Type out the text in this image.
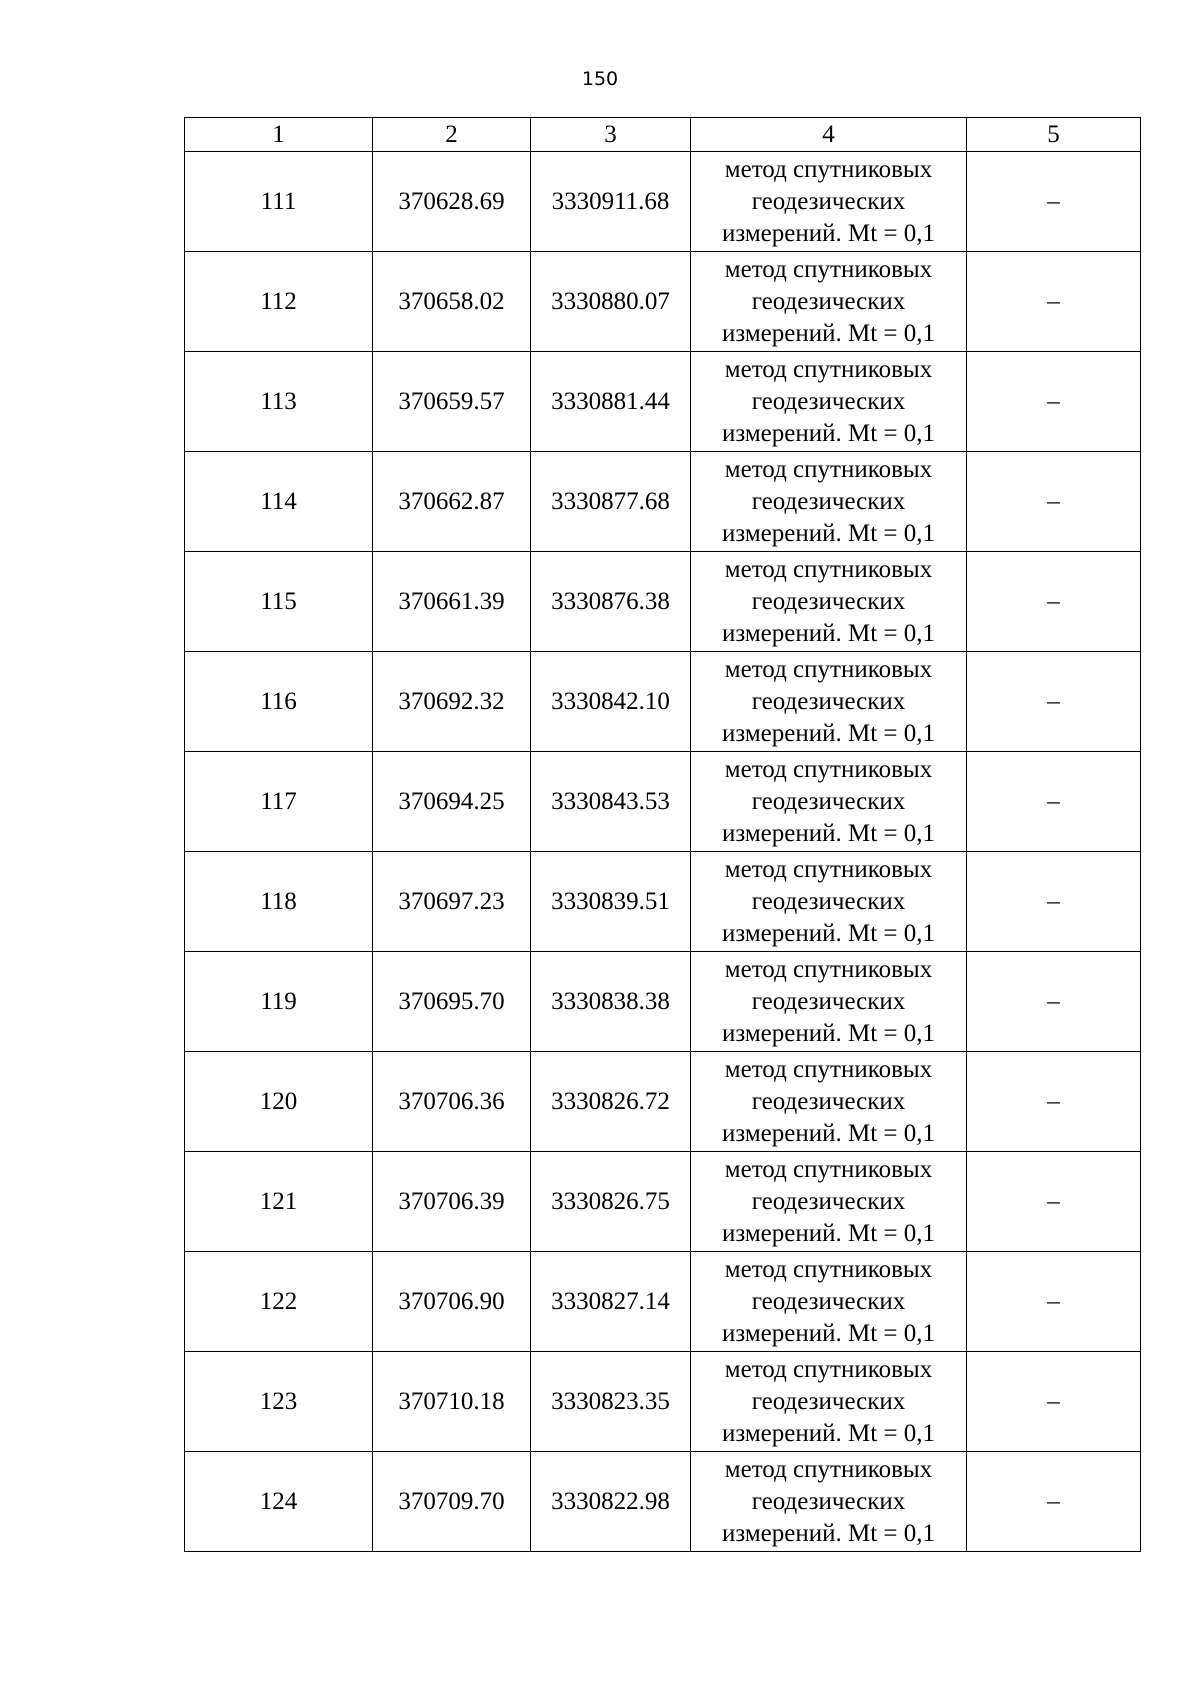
150
1	2	3	4	5
111	370628.69	3330911.68	метод спутниковых
геодезических
измерений. Mt = 0,1	–
112	370658.02	3330880.07	метод спутниковых
геодезических
измерений. Mt = 0,1	–
113	370659.57	3330881.44	метод спутниковых
геодезических
измерений. Mt = 0,1	–
114	370662.87	3330877.68	метод спутниковых
геодезических
измерений. Mt = 0,1	–
115	370661.39	3330876.38	метод спутниковых
геодезических
измерений. Mt = 0,1	–
116	370692.32	3330842.10	метод спутниковых
геодезических
измерений. Mt = 0,1	–
117	370694.25	3330843.53	метод спутниковых
геодезических
измерений. Mt = 0,1	–
118	370697.23	3330839.51	метод спутниковых
геодезических
измерений. Mt = 0,1	–
119	370695.70	3330838.38	метод спутниковых
геодезических
измерений. Mt = 0,1	–
120	370706.36	3330826.72	метод спутниковых
геодезических
измерений. Mt = 0,1	–
121	370706.39	3330826.75	метод спутниковых
геодезических
измерений. Mt = 0,1	–
122	370706.90	3330827.14	метод спутниковых
геодезических
измерений. Mt = 0,1	–
123	370710.18	3330823.35	метод спутниковых
геодезических
измерений. Mt = 0,1	–
124	370709.70	3330822.98	метод спутниковых
геодезических
измерений. Mt = 0,1	–
